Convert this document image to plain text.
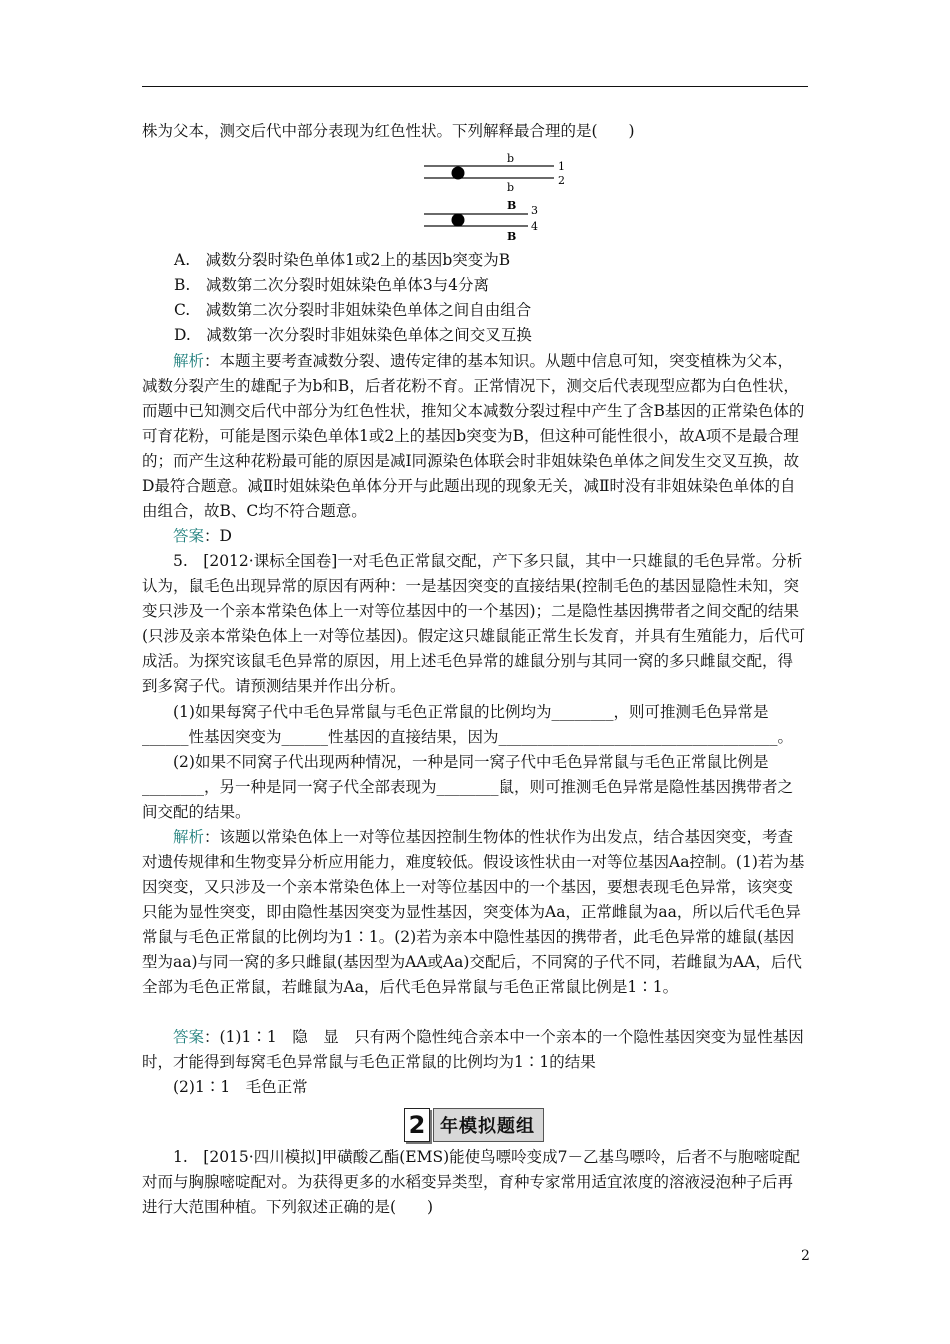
株为父本，测交后代中部分表现为红色性状。下列解释最合理的是(　　)

b
1
2
b
B 3
4
B

A.　减数分裂时染色单体1或2上的基因b突变为B

B.　减数第二次分裂时姐妹染色单体3与4分离

C.　减数第二次分裂时非姐妹染色单体之间自由组合

D.　减数第一次分裂时非姐妹染色单体之间交叉互换

解析：本题主要考查减数分裂、遗传定律的基本知识。从题中信息可知，突变植株为父本，减数分裂产生的雄配子为b和B，后者花粉不育。正常情况下，测交后代表现型应都为白色性状，而题中已知测交后代中部分为红色性状，推知父本减数分裂过程中产生了含B基因的正常染色体的可育花粉，可能是图示染色单体1或2上的基因b突变为B，但这种可能性很小，故A项不是最合理的；而产生这种花粉最可能的原因是减Ⅰ同源染色体联会时非姐妹染色单体之间发生交叉互换，故D最符合题意。减Ⅱ时姐妹染色单体分开与此题出现的现象无关，减Ⅱ时没有非姐妹染色单体的自由组合，故B、C均不符合题意。

答案：D

5.　[2012·课标全国卷]一对毛色正常鼠交配，产下多只鼠，其中一只雄鼠的毛色异常。分析认为，鼠毛色出现异常的原因有两种：一是基因突变的直接结果(控制毛色的基因显隐性未知，突变只涉及一个亲本常染色体上一对等位基因中的一个基因)；二是隐性基因携带者之间交配的结果(只涉及亲本常染色体上一对等位基因)。假定这只雄鼠能正常生长发育，并具有生殖能力，后代可成活。为探究该鼠毛色异常的原因，用上述毛色异常的雄鼠分别与其同一窝的多只雌鼠交配，得到多窝子代。请预测结果并作出分析。

(1)如果每窝子代中毛色异常鼠与毛色正常鼠的比例均为________，则可推测毛色异常是______性基因突变为______性基因的直接结果，因为____________________________________。

(2)如果不同窝子代出现两种情况，一种是同一窝子代中毛色异常鼠与毛色正常鼠比例是________，另一种是同一窝子代全部表现为________鼠，则可推测毛色异常是隐性基因携带者之间交配的结果。

解析：该题以常染色体上一对等位基因控制生物体的性状作为出发点，结合基因突变，考查对遗传规律和生物变异分析应用能力，难度较低。假设该性状由一对等位基因Aa控制。(1)若为基因突变，又只涉及一个亲本常染色体上一对等位基因中的一个基因，要想表现毛色异常，该突变只能为显性突变，即由隐性基因突变为显性基因，突变体为Aa，正常雌鼠为aa，所以后代毛色异常鼠与毛色正常鼠的比例均为1∶1。(2)若为亲本中隐性基因的携带者，此毛色异常的雄鼠(基因型为aa)与同一窝的多只雌鼠(基因型为AA或Aa)交配后，不同窝的子代不同，若雌鼠为AA，后代全部为毛色正常鼠，若雌鼠为Aa，后代毛色异常鼠与毛色正常鼠比例是1∶1。

答案：(1)1∶1　隐　显　只有两个隐性纯合亲本中一个亲本的一个隐性基因突变为显性基因时，才能得到每窝毛色异常鼠与毛色正常鼠的比例均为1∶1的结果

(2)1∶1　毛色正常

2 年模拟题组

1.　[2015·四川模拟]甲磺酸乙酯(EMS)能使鸟嘌呤变成7－乙基鸟嘌呤，后者不与胞嘧啶配对而与胸腺嘧啶配对。为获得更多的水稻变异类型，育种专家常用适宜浓度的溶液浸泡种子后再进行大范围种植。下列叙述正确的是(　　)

2
